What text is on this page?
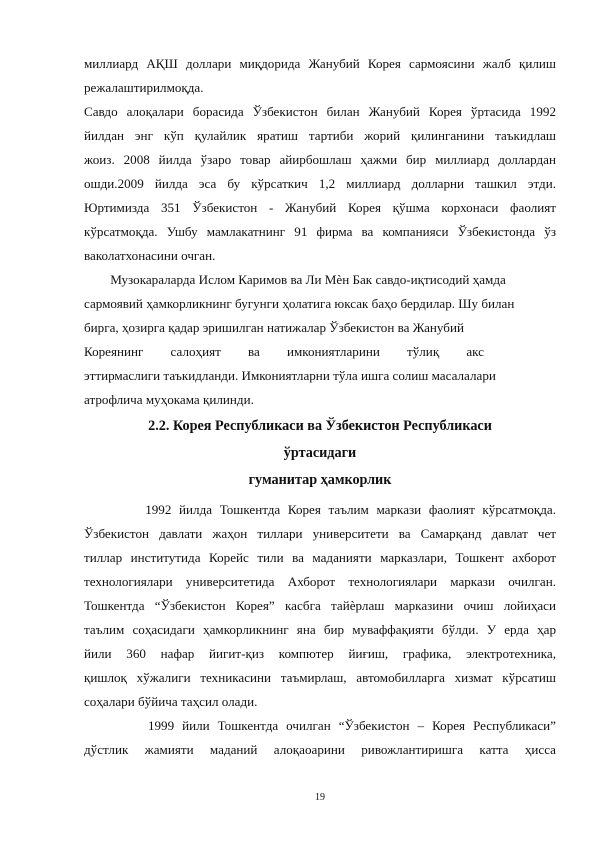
миллиард АҚШ доллари миқдорида Жанубий Корея сармоясини жалб қилиш
режалаштирилмоқда.
Савдо алоқалари борасида Ўзбекистон билан Жанубий Корея ўртасида 1992
йилдан энг кўп қулайлик яратиш тартиби жорий қилинганини таъкидлаш
жоиз. 2008 йилда ўзаро товар айирбошлаш ҳажми бир миллиард доллардан
ошди.2009 йилда эса бу кўрсаткич 1,2 миллиард долларни ташкил этди.
Юртимизда 351 Ўзбекистон - Жанубий Корея қўшма корхонаси фаолият
кўрсатмоқда. Ушбу мамлакатнинг 91 фирма ва компанияси Ўзбекистонда ўз
ваколатхонасини очган.
Музокараларда Ислом Каримов ва Ли Мѐн Бак савдо-иқтисодий ҳамда
сармоявий ҳамкорликнинг бугунги ҳолатига юксак баҳо бердилар. Шу билан
бирга, ҳозирга қадар эришилган натижалар Ўзбекистон ва Жанубий
Кореянинг салоҳият ва имкониятларини тўлиқ акс
эттирмаслиги таъкидланди. Имкониятларни тўла ишга солиш масалалари
атрофлича муҳокама қилинди.
2.2. Корея Республикаси ва Ўзбекистон Республикаси
ўртасидаги
гуманитар ҳамкорлик
1992 йилда Тошкентда Корея таълим маркази фаолият кўрсатмоқда.
Ўзбекистон давлати жаҳон тиллари университети ва Самарқанд давлат чет
тиллар институтида Корейс тили ва маданияти марказлари, Тошкент ахборот
технологиялари университетида Ахборот технологиялари маркази очилган.
Тошкентда “Ўзбекистон Корея” касбга тайѐрлаш марказини очиш лойиҳаси
таълим соҳасидаги ҳамкорликнинг яна бир муваффақияти бўлди. У ерда ҳар
йили 360 нафар йигит-қиз компютер йиғиш, графика, электротехника,
қишлоқ хўжалиги техникасини таъмирлаш, автомобилларга хизмат кўрсатиш
соҳалари бўйича таҳсил олади.
1999 йили Тошкентда очилган “Ўзбекистон – Корея Республикаси”
дўстлик жамияти маданий алоқаоарини ривожлантиришга катта ҳисса
19
